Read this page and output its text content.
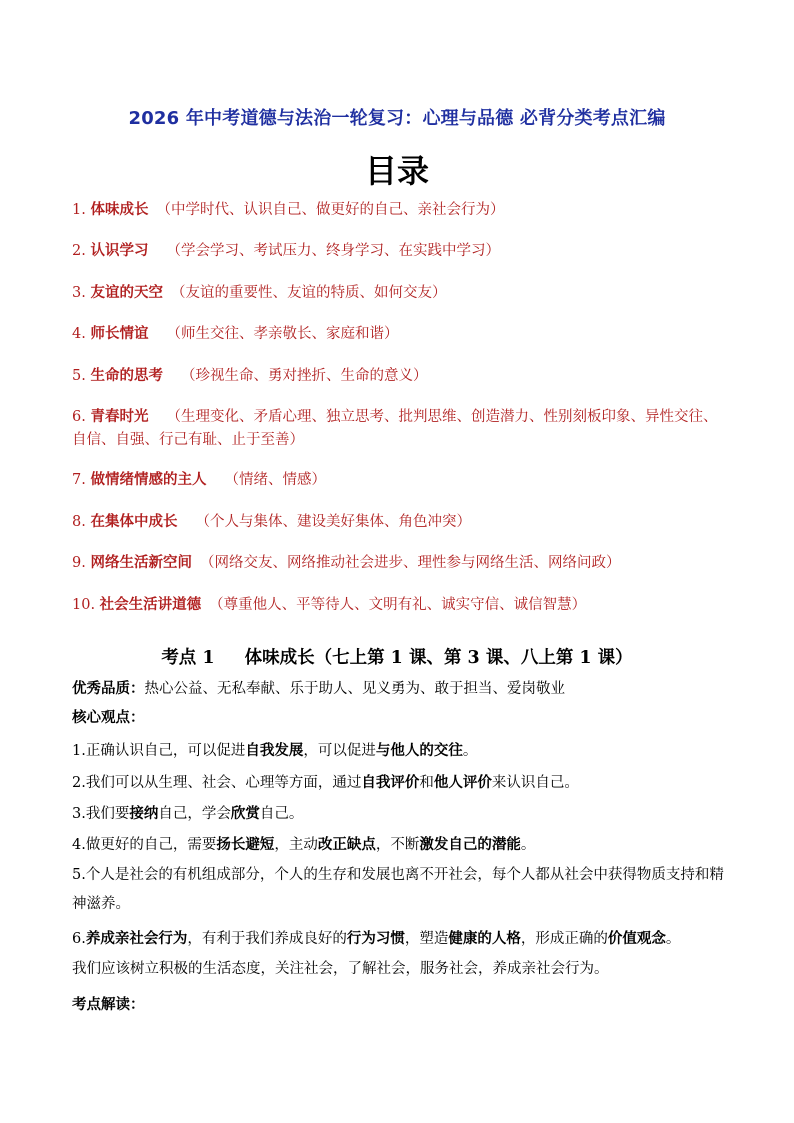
2026 年中考道德与法治一轮复习：心理与品德 必背分类考点汇编
目录
1. 体味成长 （中学时代、认识自己、做更好的自己、亲社会行为）
2. 认识学习 （学会学习、考试压力、终身学习、在实践中学习）
3. 友谊的天空 （友谊的重要性、友谊的特质、如何交友）
4. 师长情谊 （师生交往、孝亲敬长、家庭和谐）
5. 生命的思考 （珍视生命、勇对挫折、生命的意义）
6. 青春时光 （生理变化、矛盾心理、独立思考、批判思维、创造潜力、性别刻板印象、异性交往、自信、自强、行己有耻、止于至善）
7. 做情绪情感的主人 （情绪、情感）
8. 在集体中成长 （个人与集体、建设美好集体、角色冲突）
9. 网络生活新空间 （网络交友、网络推动社会进步、理性参与网络生活、网络问政）
10. 社会生活讲道德 （尊重他人、平等待人、文明有礼、诚实守信、诚信智慧）
考点 1 体味成长（七上第 1 课、第 3 课、八上第 1 课）
优秀品质：热心公益、无私奉献、乐于助人、见义勇为、敢于担当、爱岗敬业
核心观点：
1.正确认识自己，可以促进自我发展，可以促进与他人的交往。
2.我们可以从生理、社会、心理等方面，通过自我评价和他人评价来认识自己。
3.我们要接纳自己，学会欣赏自己。
4.做更好的自己，需要扬长避短，主动改正缺点，不断激发自己的潜能。
5.个人是社会的有机组成部分，个人的生存和发展也离不开社会，每个人都从社会中获得物质支持和精神滋养。
6.养成亲社会行为，有利于我们养成良好的行为习惯，塑造健康的人格，形成正确的价值观念。
我们应该树立积极的生活态度，关注社会，了解社会，服务社会，养成亲社会行为。
考点解读：
